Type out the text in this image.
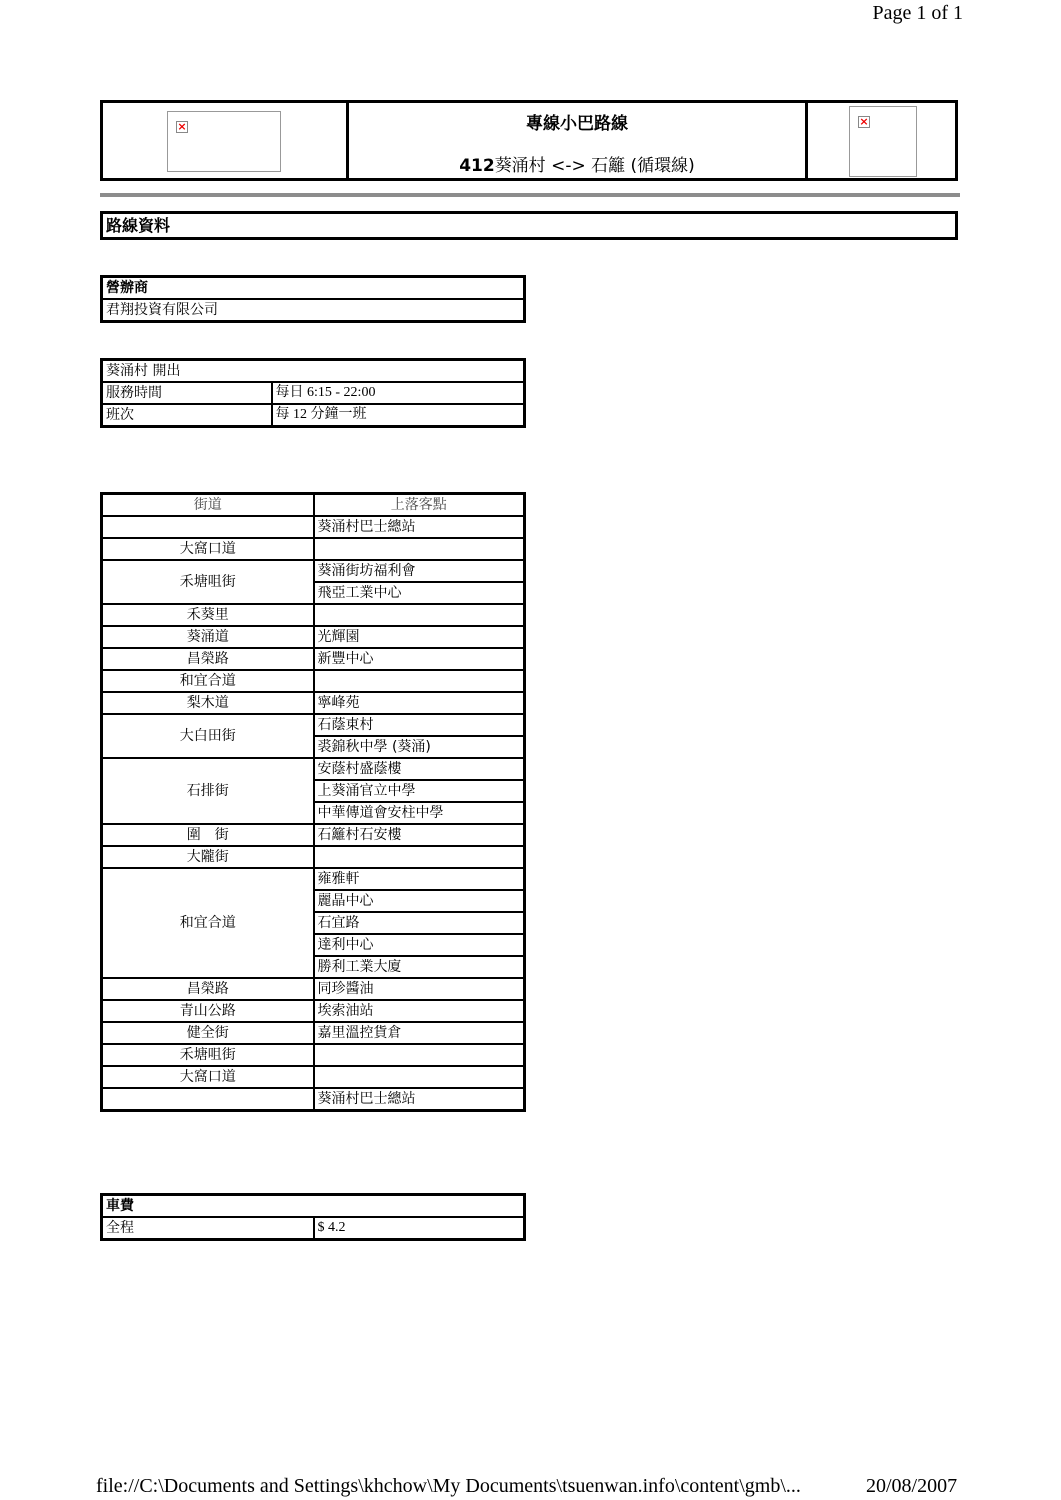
Page 1 of 1
×	專線小巴路線
412葵涌村 <-> 石籬 (循環線)
×
路線資料
營辦商
君翔投資有限公司
葵涌村 開出	
服務時間	每日 6:15 - 22:00
班次	每 12 分鐘一班
街道	上落客點
	葵涌村巴士總站
大窩口道	
禾塘咀街	葵涌街坊福利會
	飛亞工業中心
禾葵里	
葵涌道	光輝園
昌榮路	新豐中心
和宜合道	
梨木道	寧峰苑
大白田街	石蔭東村
	裘錦秋中學 (葵涌)
石排街	安蔭村盛蔭樓
	上葵涌官立中學
	中華傳道會安柱中學
圍　街	石籬村石安樓
大隴街	
和宜合道	雍雅軒
	麗晶中心
	石宜路
	達利中心
	勝利工業大廈
昌榮路	同珍醬油
青山公路	埃索油站
健全街	嘉里溫控貨倉
禾塘咀街	
大窩口道	
	葵涌村巴士總站
車費
全程	$ 4.2
file://C:\Documents and Settings\khchow\My Documents\tsuenwan.info\content\gmb\...	20/08/2007
